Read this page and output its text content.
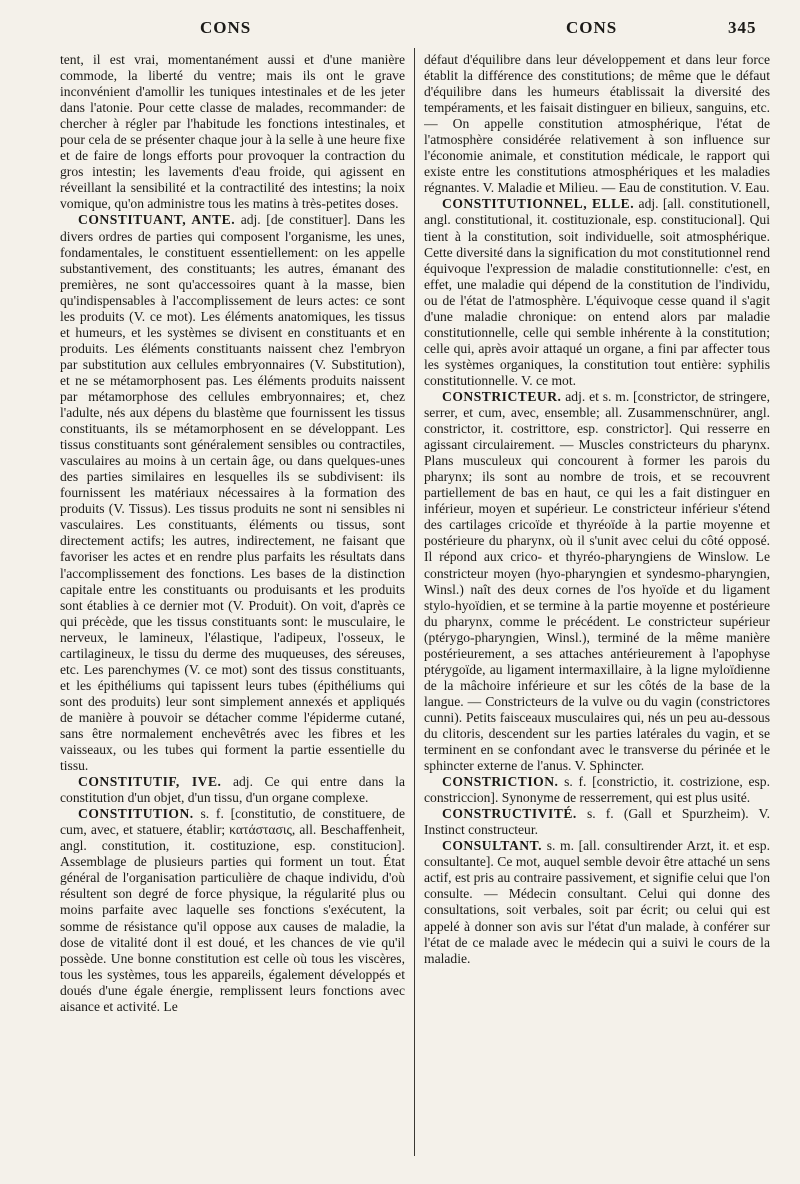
CONS	CONS	345

tent, il est vrai, momentanément aussi et d'une manière commode, la liberté du ventre; mais ils ont le grave inconvénient d'amollir les tuniques intestinales et de les jeter dans l'atonie. Pour cette classe de malades, recommander: de chercher à régler par l'habitude les fonctions intestinales, et pour cela de se présenter chaque jour à la selle à une heure fixe et de faire de longs efforts pour provoquer la contraction du gros intestin; les lavements d'eau froide, qui agissent en réveillant la sensibilité et la contractilité des intestins; la noix vomique, qu'on administre tous les matins à très-petites doses.

CONSTITUANT, ANTE. adj. [de constituer]. Dans les divers ordres de parties qui composent l'organisme, les unes, fondamentales, le constituent essentiellement: on les appelle substantivement, des constituants; les autres, émanant des premières, ne sont qu'accessoires quant à la masse, bien qu'indispensables à l'accomplissement de leurs actes: ce sont les produits (V. ce mot). Les éléments anatomiques, les tissus et humeurs, et les systèmes se divisent en constituants et en produits. Les éléments constituants naissent chez l'embryon par substitution aux cellules embryonnaires (V. Substitution), et ne se métamorphosent pas. Les éléments produits naissent par métamorphose des cellules embryonnaires; et, chez l'adulte, nés aux dépens du blastème que fournissent les tissus constituants, ils se métamorphosent en se développant. Les tissus constituants sont généralement sensibles ou contractiles, vasculaires au moins à un certain âge, ou dans quelques-unes des parties similaires en lesquelles ils se subdivisent: ils fournissent les matériaux nécessaires à la formation des produits (V. Tissus). Les tissus produits ne sont ni sensibles ni vasculaires. Les constituants, éléments ou tissus, sont directement actifs; les autres, indirectement, ne faisant que favoriser les actes et en rendre plus parfaits les résultats dans l'accomplissement des fonctions. Les bases de la distinction capitale entre les constituants ou produisants et les produits sont établies à ce dernier mot (V. Produit). On voit, d'après ce qui précède, que les tissus constituants sont: le musculaire, le nerveux, le lamineux, l'élastique, l'adipeux, l'osseux, le cartilagineux, le tissu du derme des muqueuses, des séreuses, etc. Les parenchymes (V. ce mot) sont des tissus constituants, et les épithéliums qui tapissent leurs tubes (épithéliums qui sont des produits) leur sont simplement annexés et appliqués de manière à pouvoir se détacher comme l'épiderme cutané, sans être normalement enchevêtrés avec les fibres et les vaisseaux, ou les tubes qui forment la partie essentielle du tissu.

CONSTITUTIF, IVE. adj. Ce qui entre dans la constitution d'un objet, d'un tissu, d'un organe complexe.

CONSTITUTION. s. f. [constitutio, de constituere, de cum, avec, et statuere, établir; κατάστασις, all. Beschaffenheit, angl. constitution, it. costituzione, esp. constitucion]. Assemblage de plusieurs parties qui forment un tout. État général de l'organisation particulière de chaque individu, d'où résultent son degré de force physique, la régularité plus ou moins parfaite avec laquelle ses fonctions s'exécutent, la somme de résistance qu'il oppose aux causes de maladie, la dose de vitalité dont il est doué, et les chances de vie qu'il possède. Une bonne constitution est celle où tous les viscères, tous les systèmes, tous les appareils, également développés et doués d'une égale énergie, remplissent leurs fonctions avec aisance et activité. Le

défaut d'équilibre dans leur développement et dans leur force établit la différence des constitutions; de même que le défaut d'équilibre dans les humeurs établissait la diversité des tempéraments, et les faisait distinguer en bilieux, sanguins, etc. — On appelle constitution atmosphérique, l'état de l'atmosphère considérée relativement à son influence sur l'économie animale, et constitution médicale, le rapport qui existe entre les constitutions atmosphériques et les maladies régnantes. V. Maladie et Milieu. — Eau de constitution. V. Eau.

CONSTITUTIONNEL, ELLE. adj. [all. constitutionell, angl. constitutional, it. costituzionale, esp. constitucional]. Qui tient à la constitution, soit individuelle, soit atmosphérique. Cette diversité dans la signification du mot constitutionnel rend équivoque l'expression de maladie constitutionnelle: c'est, en effet, une maladie qui dépend de la constitution de l'individu, ou de l'état de l'atmosphère. L'équivoque cesse quand il s'agit d'une maladie chronique: on entend alors par maladie constitutionnelle, celle qui semble inhérente à la constitution; celle qui, après avoir attaqué un organe, a fini par affecter tous les systèmes organiques, la constitution tout entière: syphilis constitutionnelle. V. ce mot.

CONSTRICTEUR. adj. et s. m. [constrictor, de stringere, serrer, et cum, avec, ensemble; all. Zusammenschnürer, angl. constrictor, it. costrittore, esp. constrictor]. Qui resserre en agissant circulairement. — Muscles constricteurs du pharynx. Plans musculeux qui concourent à former les parois du pharynx; ils sont au nombre de trois, et se recouvrent partiellement de bas en haut, ce qui les a fait distinguer en inférieur, moyen et supérieur. Le constricteur inférieur s'étend des cartilages cricoïde et thyréoïde à la partie moyenne et postérieure du pharynx, où il s'unit avec celui du côté opposé. Il répond aux crico- et thyréo-pharyngiens de Winslow. Le constricteur moyen (hyo-pharyngien et syndesmo-pharyngien, Winsl.) naît des deux cornes de l'os hyoïde et du ligament stylo-hyoïdien, et se termine à la partie moyenne et postérieure du pharynx, comme le précédent. Le constricteur supérieur (ptérygo-pharyngien, Winsl.), terminé de la même manière postérieurement, a ses attaches antérieurement à l'apophyse ptérygoïde, au ligament intermaxillaire, à la ligne myloïdienne de la mâchoire inférieure et sur les côtés de la base de la langue. — Constricteurs de la vulve ou du vagin (constrictores cunni). Petits faisceaux musculaires qui, nés un peu au-dessous du clitoris, descendent sur les parties latérales du vagin, et se terminent en se confondant avec le transverse du périnée et le sphincter externe de l'anus. V. Sphincter.

CONSTRICTION. s. f. [constrictio, it. costrizione, esp. constriccion]. Synonyme de resserrement, qui est plus usité.

CONSTRUCTIVITÉ. s. f. (Gall et Spurzheim). V. Instinct constructeur.

CONSULTANT. s. m. [all. consultirender Arzt, it. et esp. consultante]. Ce mot, auquel semble devoir être attaché un sens actif, est pris au contraire passivement, et signifie celui que l'on consulte. — Médecin consultant. Celui qui donne des consultations, soit verbales, soit par écrit; ou celui qui est appelé à donner son avis sur l'état d'un malade, à conférer sur l'état de ce malade avec le médecin qui a suivi le cours de la maladie.
